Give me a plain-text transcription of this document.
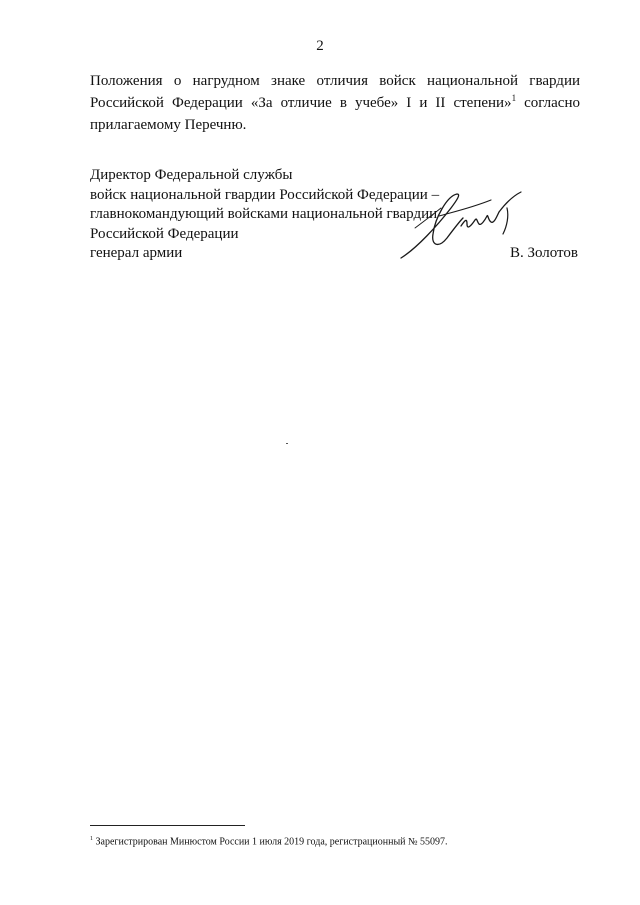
2

Положения о нагрудном знаке отличия войск национальной гвардии Российской Федерации «За отличие в учебе» I и II степени»$^1$ согласно прилагаемому Перечню.

Директор Федеральной службы
войск национальной гвардии Российской Федерации –
главнокомандующий войсками национальной гвардии
Российской Федерации
генерал армии	В. Золотов
$^1$ Зарегистрирован Минюстом России 1 июля 2019 года, регистрационный № 55097.
